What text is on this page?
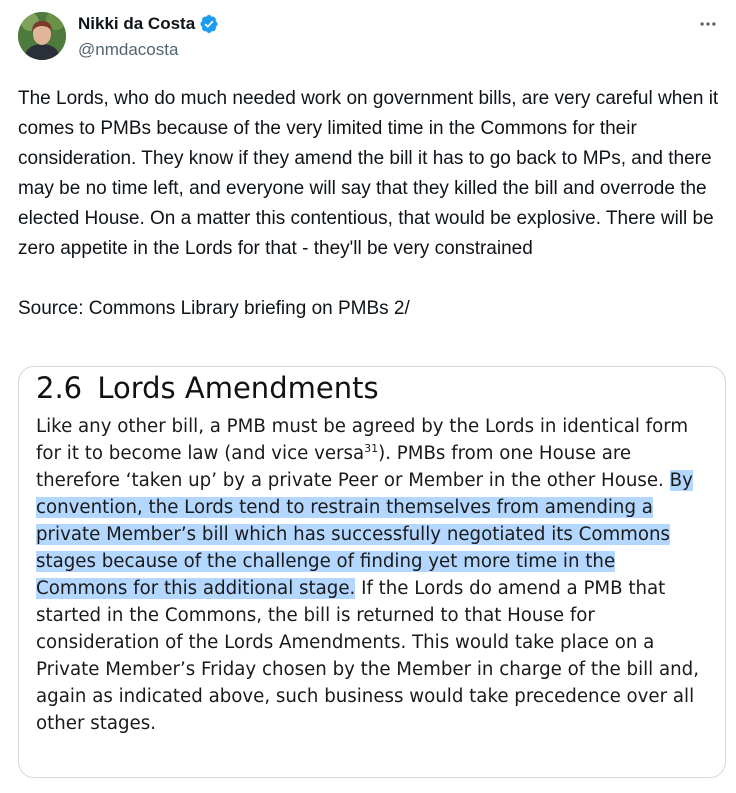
Nikki da Costa
@nmdacosta

The Lords, who do much needed work on government bills, are very careful when it comes to PMBs because of the very limited time in the Commons for their consideration. They know if they amend the bill it has to go back to MPs, and there may be no time left, and everyone will say that they killed the bill and overrode the elected House. On a matter this contentious, that would be explosive. There will be zero appetite in the Lords for that - they'll be very constrained

Source: Commons Library briefing on PMBs 2/

2.6 Lords Amendments

Like any other bill, a PMB must be agreed by the Lords in identical form for it to become law (and vice versa$^{31}$). PMBs from one House are therefore ‘taken up’ by a private Peer or Member in the other House. By convention, the Lords tend to restrain themselves from amending a private Member’s bill which has successfully negotiated its Commons stages because of the challenge of finding yet more time in the Commons for this additional stage. If the Lords do amend a PMB that started in the Commons, the bill is returned to that House for consideration of the Lords Amendments. This would take place on a Private Member’s Friday chosen by the Member in charge of the bill and, again as indicated above, such business would take precedence over all other stages.
